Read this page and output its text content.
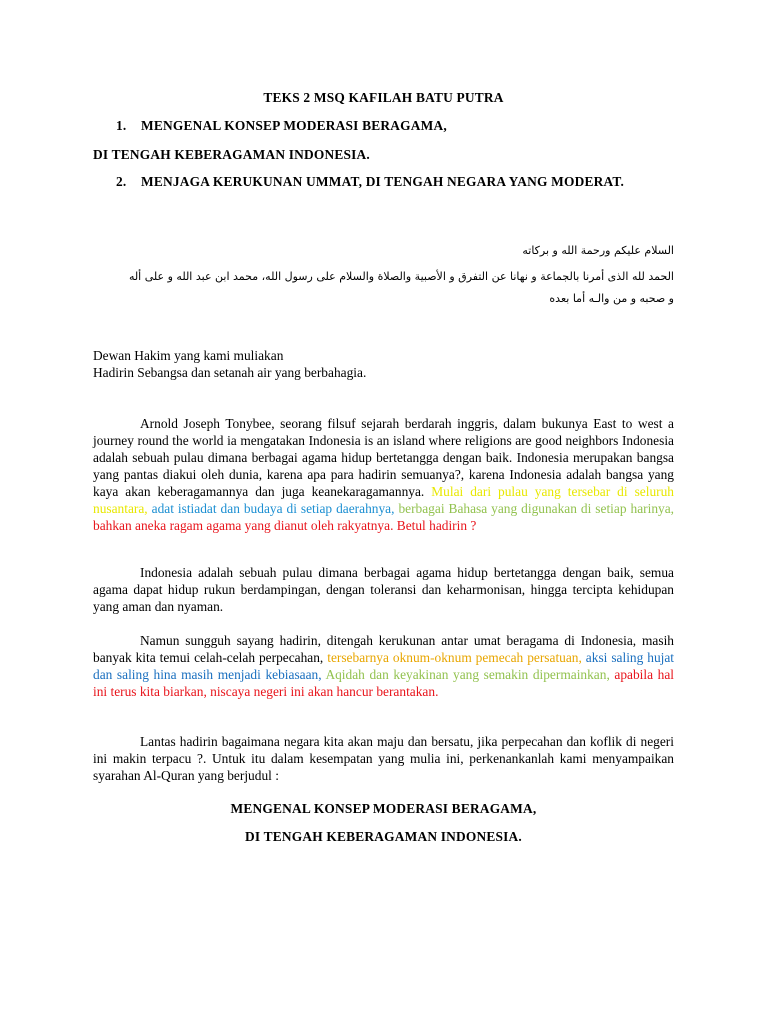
TEKS 2 MSQ KAFILAH BATU PUTRA
1. MENGENAL KONSEP MODERASI BERAGAMA,
DI TENGAH KEBERAGAMAN INDONESIA.
2. MENJAGA KERUKUNAN UMMAT, DI TENGAH NEGARA YANG MODERAT.
السلام عليكم ورحمة الله و بركاته
الحمد لله الذى أمرنا بالجماعة و نهانا عن التفرق و الأصبية والصلاة والسلام على رسول الله، محمد ابن عبد الله و على أله
و صحبه و من والـه أما بعده
Dewan Hakim yang kami muliakan
Hadirin Sebangsa dan setanah air yang berbahagia.
Arnold Joseph Tonybee, seorang filsuf sejarah berdarah inggris, dalam bukunya East to west a journey round the world ia mengatakan Indonesia is an island where religions are good neighbors Indonesia adalah sebuah pulau dimana berbagai agama hidup bertetangga dengan baik. Indonesia merupakan bangsa yang pantas diakui oleh dunia, karena apa para hadirin semuanya?, karena Indonesia adalah bangsa yang kaya akan keberagamannya dan juga keanekaragamannya. Mulai dari pulau yang tersebar di seluruh nusantara, adat istiadat dan budaya di setiap daerahnya, berbagai Bahasa yang digunakan di setiap harinya, bahkan aneka ragam agama yang dianut oleh rakyatnya. Betul hadirin ?
Indonesia adalah sebuah pulau dimana berbagai agama hidup bertetangga dengan baik, semua agama dapat hidup rukun berdampingan, dengan toleransi dan keharmonisan, hingga tercipta kehidupan yang aman dan nyaman.
Namun sungguh sayang hadirin, ditengah kerukunan antar umat beragama di Indonesia, masih banyak kita temui celah-celah perpecahan, tersebarnya oknum-oknum pemecah persatuan, aksi saling hujat dan saling hina masih menjadi kebiasaan, Aqidah dan keyakinan yang semakin dipermainkan, apabila hal ini terus kita biarkan, niscaya negeri ini akan hancur berantakan.
Lantas hadirin bagaimana negara kita akan maju dan bersatu, jika perpecahan dan koflik di negeri ini makin terpacu ?. Untuk itu dalam kesempatan yang mulia ini, perkenankanlah kami menyampaikan syarahan Al-Quran yang berjudul :
MENGENAL KONSEP MODERASI BERAGAMA,
DI TENGAH KEBERAGAMAN INDONESIA.
